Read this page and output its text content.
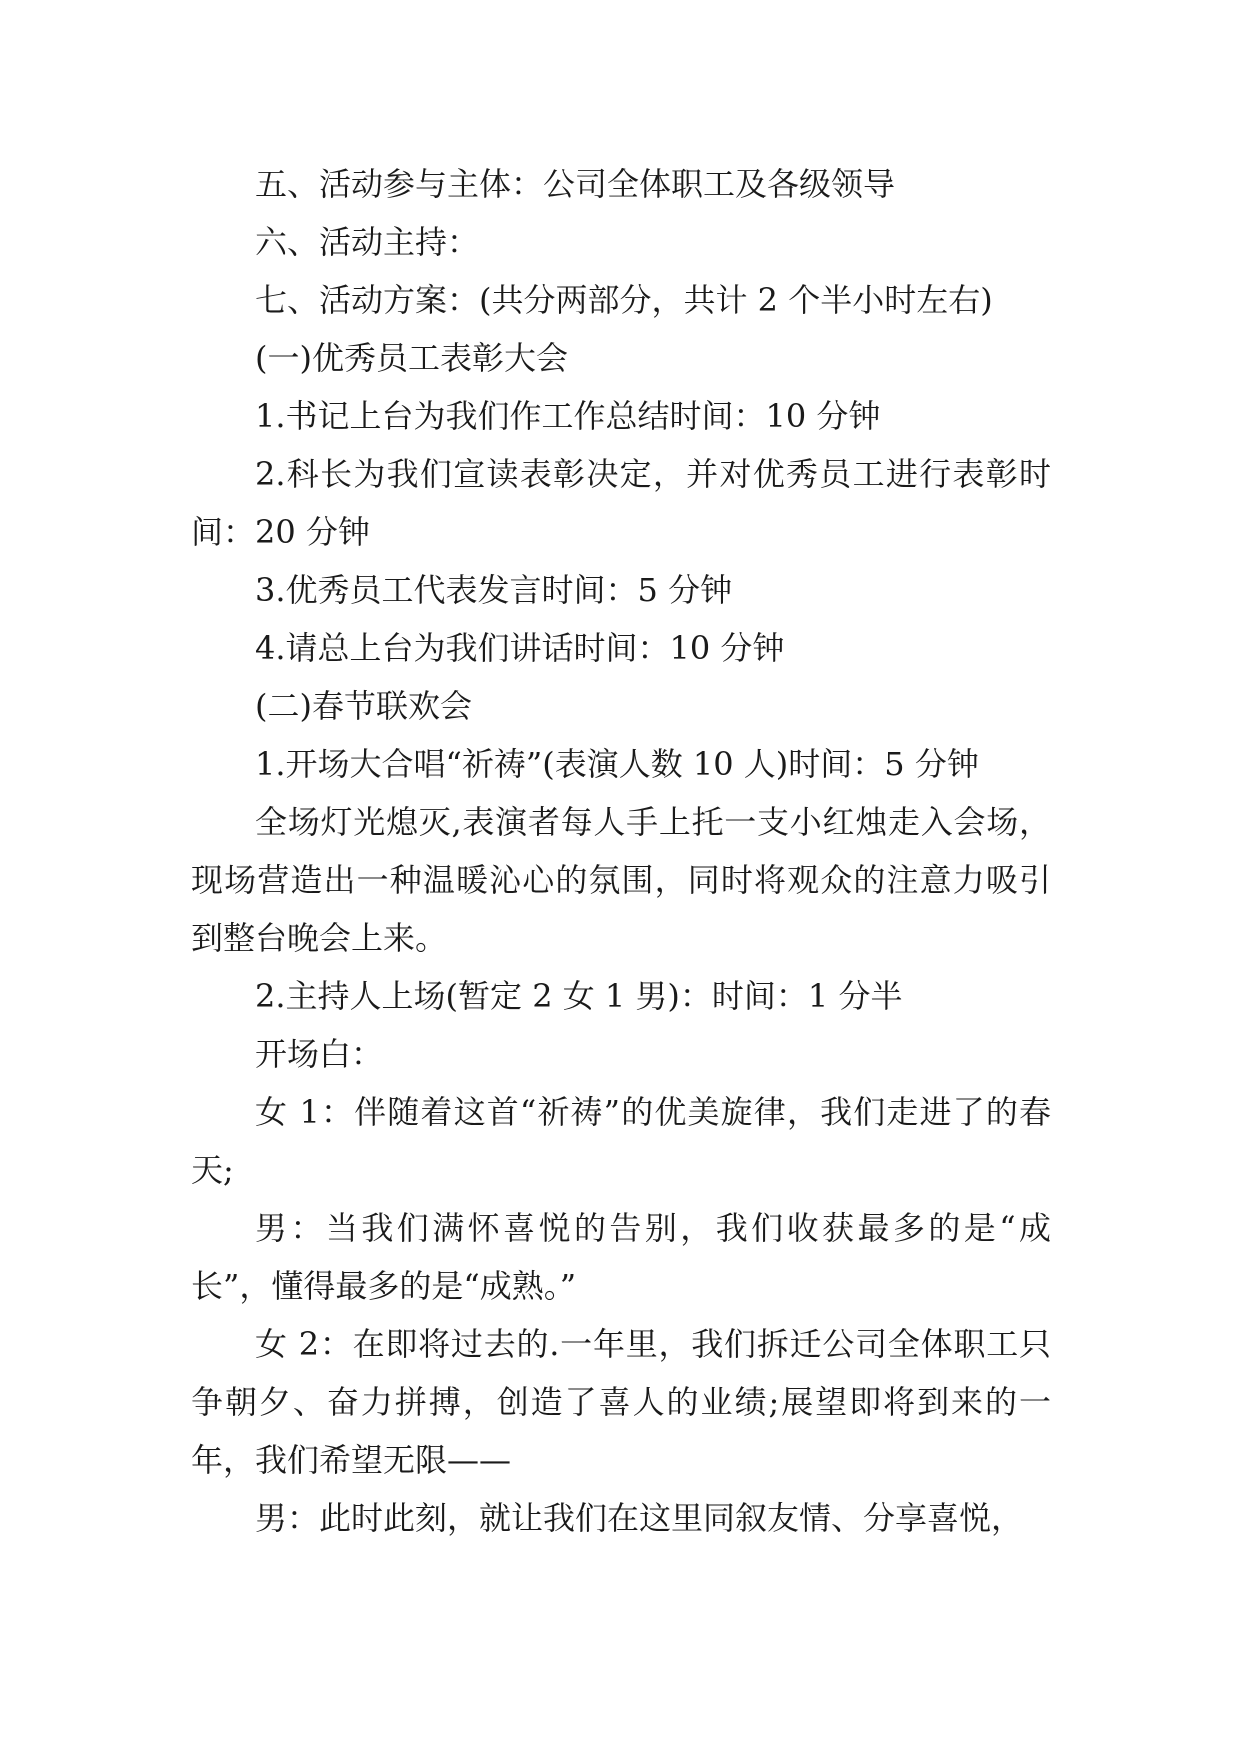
五、活动参与主体：公司全体职工及各级领导

六、活动主持：

七、活动方案：(共分两部分，共计 2 个半小时左右)

(一)优秀员工表彰大会

1.书记上台为我们作工作总结时间：10 分钟

2.科长为我们宣读表彰决定，并对优秀员工进行表彰时间：20 分钟

3.优秀员工代表发言时间：5 分钟

4.请总上台为我们讲话时间：10 分钟

(二)春节联欢会

1.开场大合唱“祈祷”(表演人数 10 人)时间：5 分钟

全场灯光熄灭,表演者每人手上托一支小红烛走入会场，现场营造出一种温暖沁心的氛围，同时将观众的注意力吸引到整台晚会上来。

2.主持人上场(暂定 2 女 1 男)：时间：1 分半

开场白：

女 1：伴随着这首“祈祷”的优美旋律，我们走进了的春天;

男：当我们满怀喜悦的告别，我们收获最多的是“成长”，懂得最多的是“成熟。”

女 2：在即将过去的.一年里，我们拆迁公司全体职工只争朝夕、奋力拼搏，创造了喜人的业绩;展望即将到来的一年，我们希望无限——

男：此时此刻，就让我们在这里同叙友情、分享喜悦，
